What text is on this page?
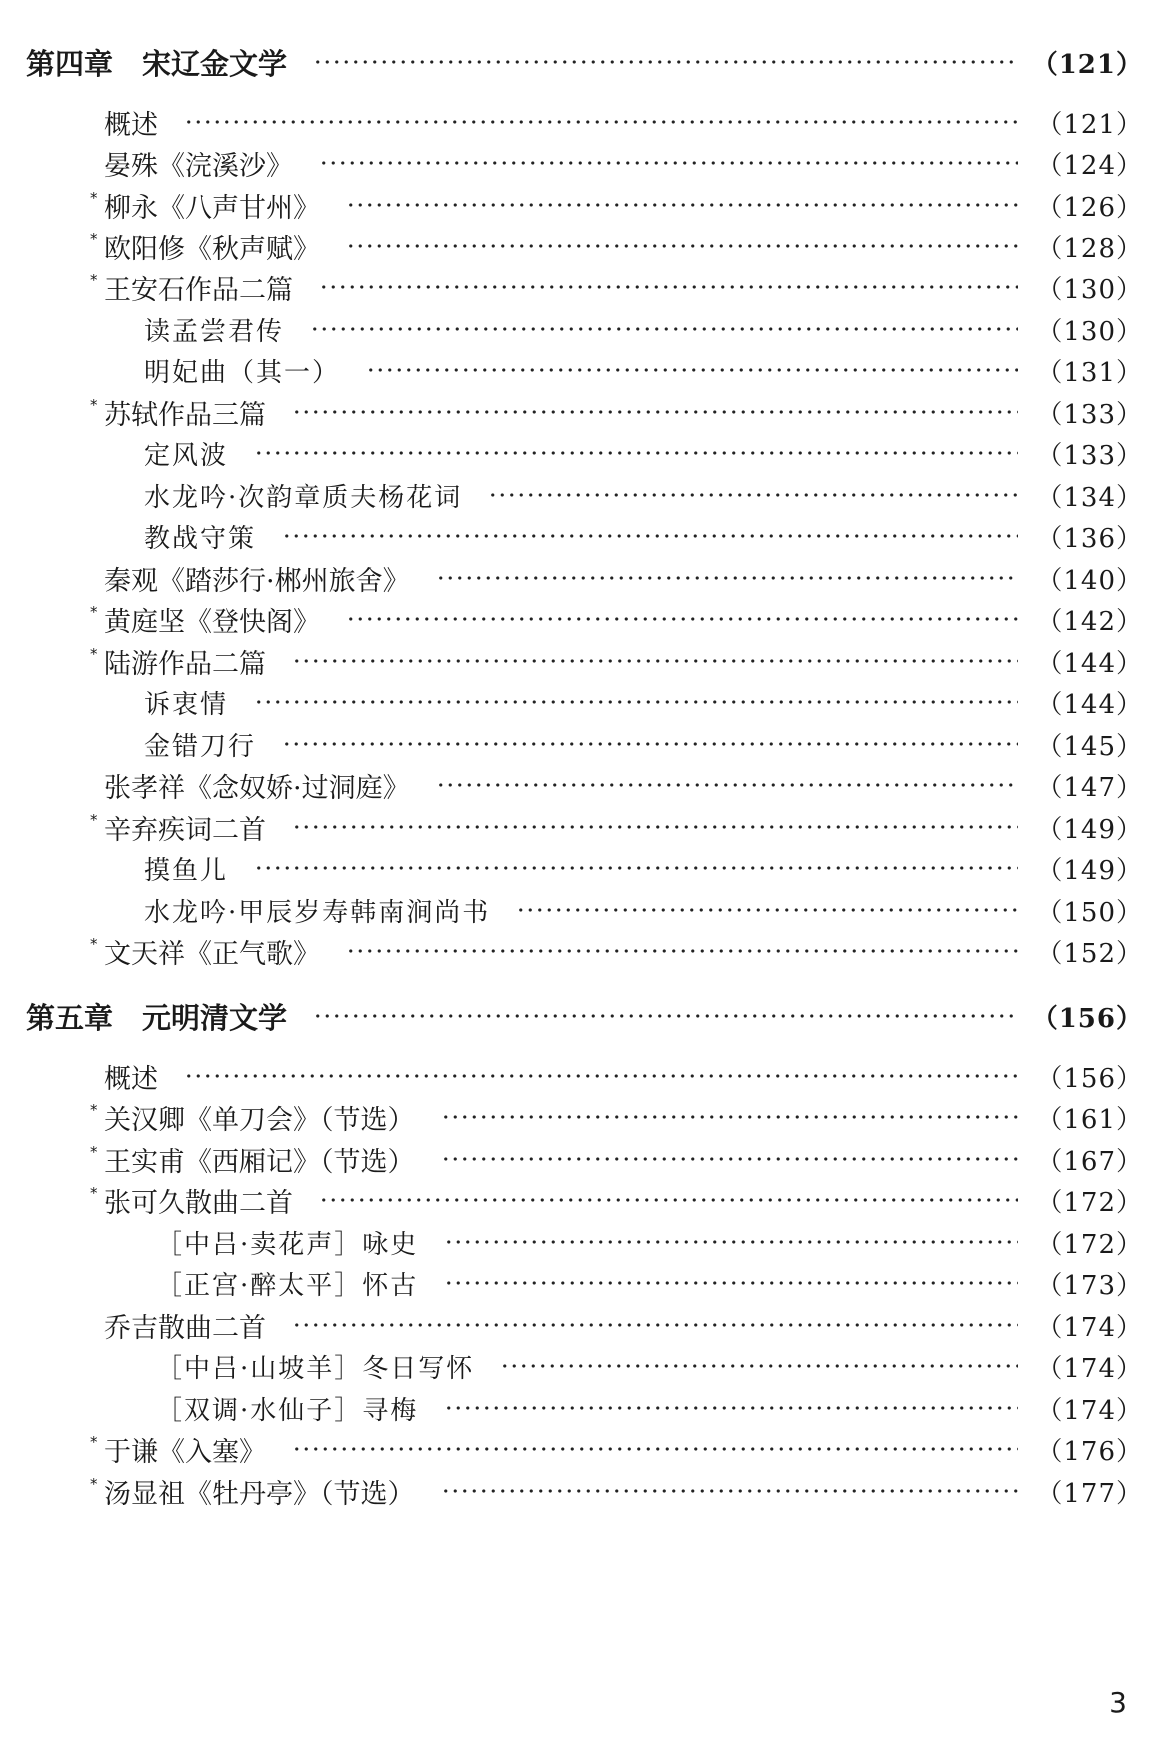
第四章　宋辽金文学	（121）
概述	（121）
晏殊《浣溪沙》	（124）
* 柳永《八声甘州》	（126）
* 欧阳修《秋声赋》	（128）
* 王安石作品二篇	（130）
读孟尝君传	（130）
明妃曲（其一）	（131）
* 苏轼作品三篇	（133）
定风波	（133）
水龙吟·次韵章质夫杨花词	（134）
教战守策	（136）
秦观《踏莎行·郴州旅舍》	（140）
* 黄庭坚《登快阁》	（142）
* 陆游作品二篇	（144）
诉衷情	（144）
金错刀行	（145）
张孝祥《念奴娇·过洞庭》	（147）
* 辛弃疾词二首	（149）
摸鱼儿	（149）
水龙吟·甲辰岁寿韩南涧尚书	（150）
* 文天祥《正气歌》	（152）
第五章　元明清文学	（156）
概述	（156）
* 关汉卿《单刀会》（节选）	（161）
* 王实甫《西厢记》（节选）	（167）
* 张可久散曲二首	（172）
［中吕·卖花声］咏史	（172）
［正宫·醉太平］怀古	（173）
乔吉散曲二首	（174）
［中吕·山坡羊］冬日写怀	（174）
［双调·水仙子］寻梅	（174）
* 于谦《入塞》	（176）
* 汤显祖《牡丹亭》（节选）	（177）
3
